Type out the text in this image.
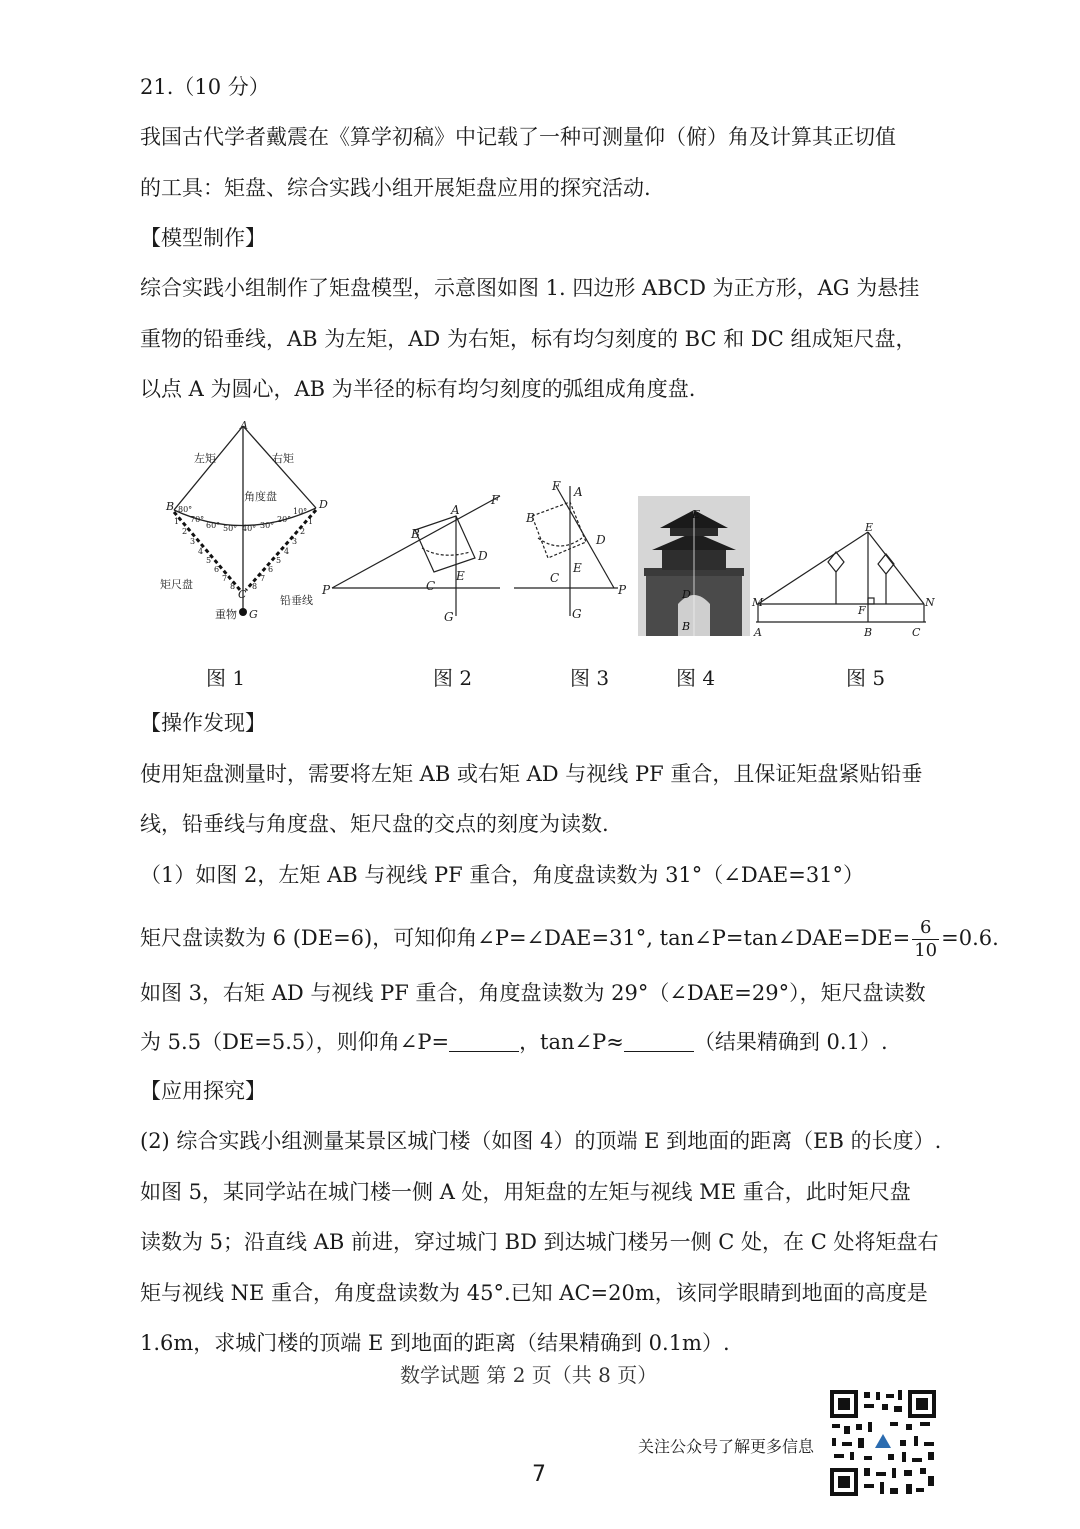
21.（10 分）
我国古代学者戴震在《算学初稿》中记载了一种可测量仰（俯）角及计算其正切值
的工具：矩盘、综合实践小组开展矩盘应用的探究活动.
【模型制作】
综合实践小组制作了矩盘模型，示意图如图 1. 四边形 ABCD 为正方形，AG 为悬挂
重物的铅垂线，AB 为左矩，AD 为右矩，标有均匀刻度的 BC 和 DC 组成矩尺盘，
以点 A 为圆心，AB 为半径的标有均匀刻度的弧组成角度盘.
A
左矩	右矩
角度盘
B	D
C
矩尺盘
铅垂线
重物 G
80°
70°
60° 50° 40° 30°
20°
10°
1
2
3
4
5
6
7
8
1
2
3
4
5
6
7
8	P
F
B
A
D
C
E
G
F A
B
D
C
E
P
G
E
D
B
E
M	N
F
A	B	C
图 1	图 2	图 3	图 4	图 5
【操作发现】
使用矩盘测量时，需要将左矩 AB 或右矩 AD 与视线 PF 重合，且保证矩盘紧贴铅垂
线，铅垂线与角度盘、矩尺盘的交点的刻度为读数.
（1）如图 2，左矩 AB 与视线 PF 重合，角度盘读数为 31°（∠DAE=31°）
矩尺盘读数为 6 (DE=6)，可知仰角∠P=∠DAE=31°, tan∠P=tan∠DAE=DE= $\frac{6}{10} =0.6$.
如图 3，右矩 AD 与视线 PF 重合，角度盘读数为 29°（∠DAE=29°），矩尺盘读数
为 5.5（DE=5.5），则仰角∠P=	，tan∠P≈	（结果精确到 0.1）.
【应用探究】
(2) 综合实践小组测量某景区城门楼（如图 4）的顶端 E 到地面的距离（EB 的长度）.
如图 5，某同学站在城门楼一侧 A 处，用矩盘的左矩与视线 ME 重合，此时矩尺盘
读数为 5；沿直线 AB 前进，穿过城门 BD 到达城门楼另一侧 C 处，在 C 处将矩盘右
矩与视线 NE 重合，角度盘读数为 45°.已知 AC=20m，该同学眼睛到地面的高度是
1.6m，求城门楼的顶端 E 到地面的距离（结果精确到 0.1m）.
数学试题 第 2 页（共 8 页）
关注公众号了解更多信息
7
